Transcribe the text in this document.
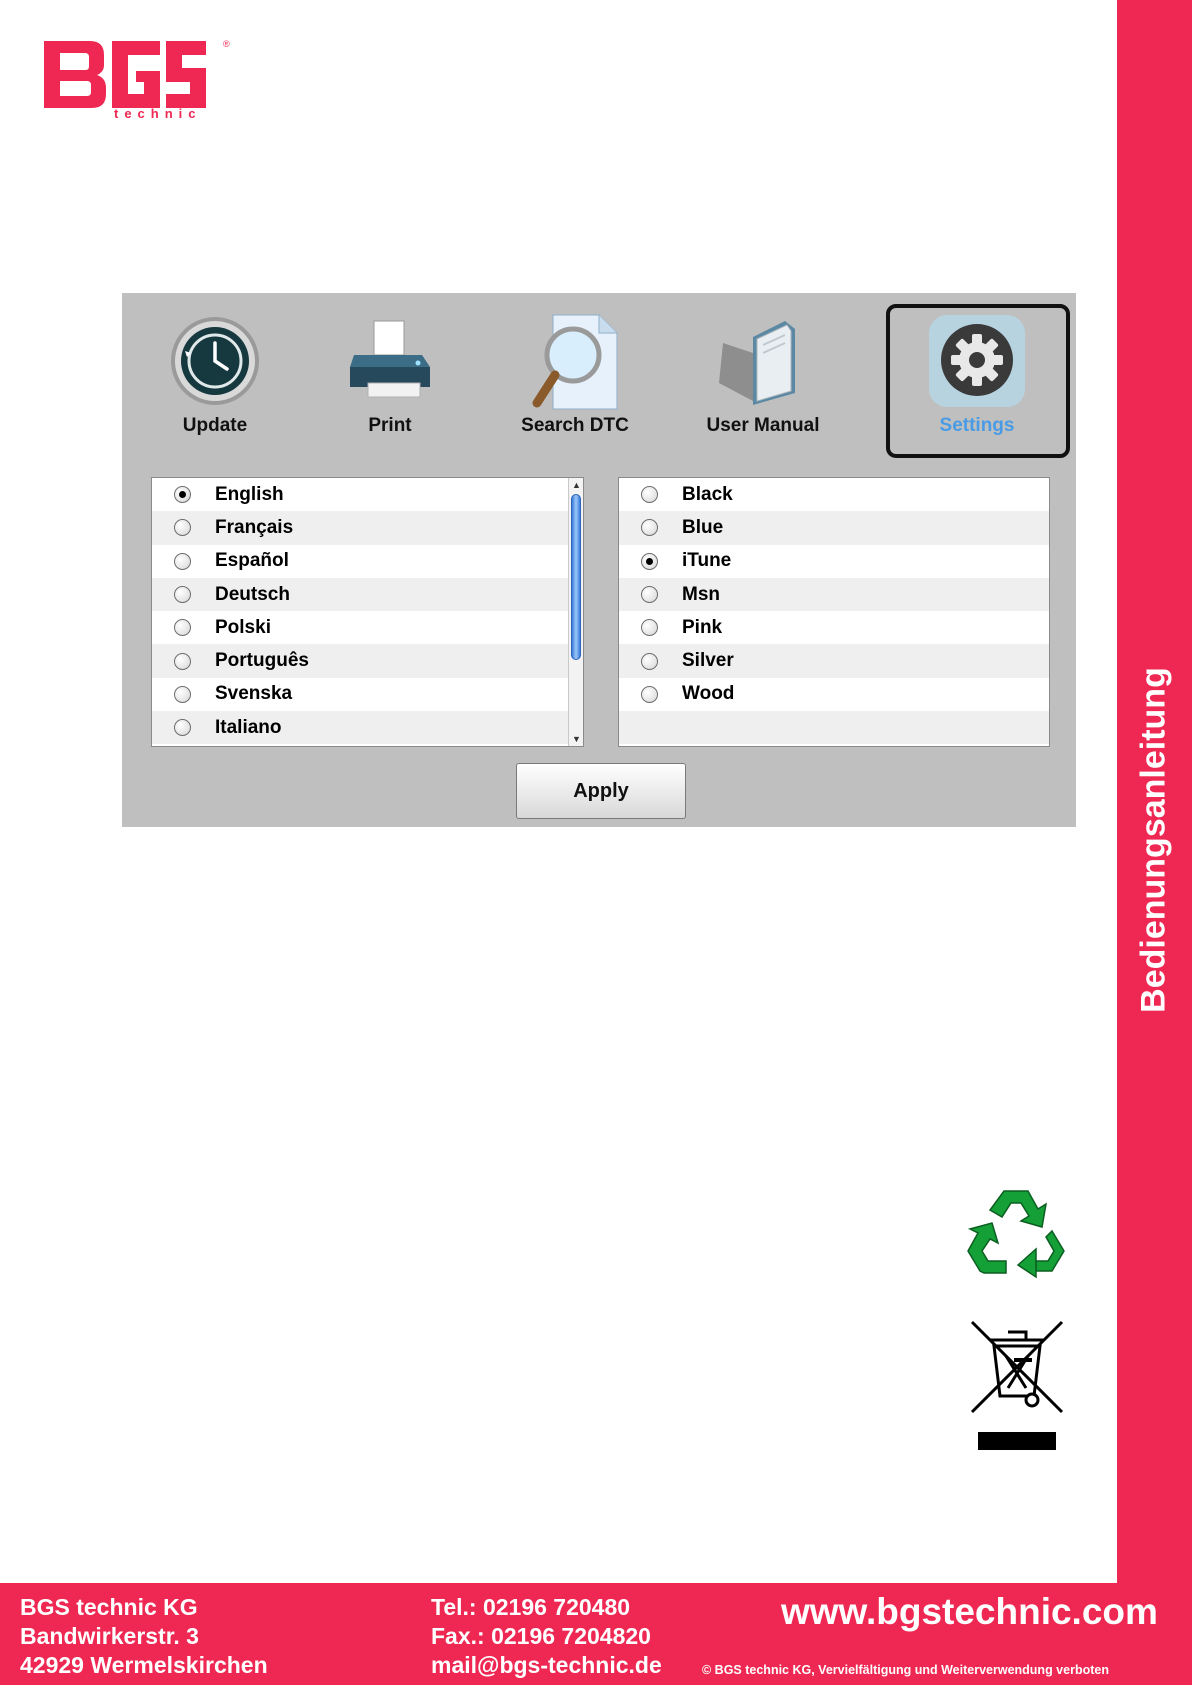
Bedienungsanleitung
®
technic
Update	Print	Search DTC	User Manual	Settings
English
Français
Español
Deutsch
Polski
Português
Svenska
Italiano
▲
▼
Black
Blue
iTune
Msn
Pink
Silver
Wood
Apply
BGS technic KG
Bandwirkerstr. 3
42929 Wermelskirchen
Tel.: 02196 720480
Fax.: 02196 7204820
mail@bgs-technic.de
www.bgstechnic.com
© BGS technic KG, Vervielfältigung und Weiterverwendung verboten
